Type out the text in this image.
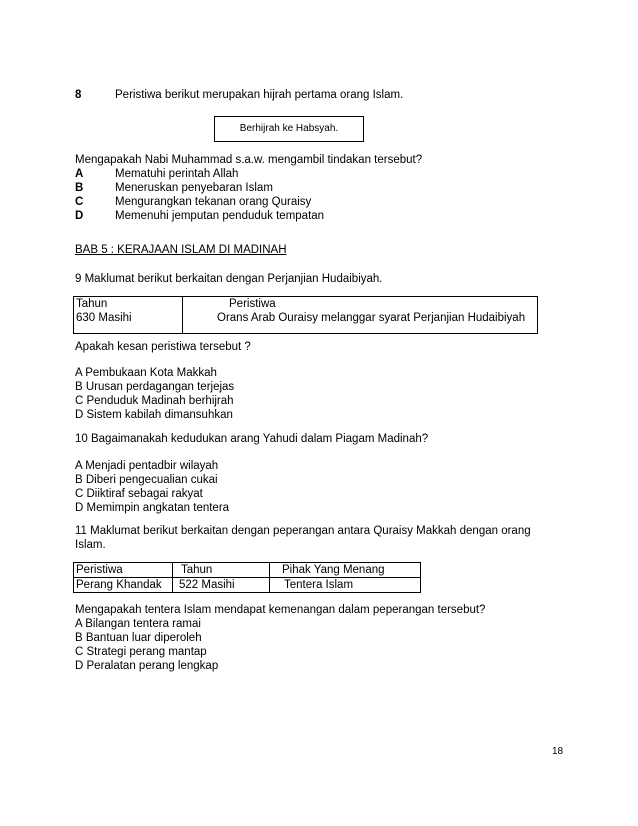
8	Peristiwa berikut merupakan hijrah pertama orang Islam.
Berhijrah ke Habsyah.
Mengapakah Nabi Muhammad s.a.w. mengambil tindakan tersebut?
A	Mematuhi perintah Allah
B	Meneruskan penyebaran Islam
C	Mengurangkan tekanan orang Quraisy
D	Memenuhi jemputan penduduk tempatan
BAB 5 : KERAJAAN ISLAM DI MADINAH
9 Maklumat berikut berkaitan dengan Perjanjian Hudaibiyah.
Tahun	Peristiwa
630 Masihi	Orans Arab Ouraisy melanggar syarat Perjanjian Hudaibiyah
Apakah kesan peristiwa tersebut ?
A Pembukaan Kota Makkah
B Urusan perdagangan terjejas
C Penduduk Madinah berhijrah
D Sistem kabilah dimansuhkan
10 Bagaimanakah kedudukan arang Yahudi dalam Piagam Madinah?
A Menjadi pentadbir wilayah
B Diberi pengecualian cukai
C Diiktiraf sebagai rakyat
D Memimpin angkatan tentera
11 Maklumat berikut berkaitan dengan peperangan antara Quraisy Makkah dengan orang
Islam.
Peristiwa	Tahun	Pihak Yang Menang
Perang Khandak	522 Masihi	Tentera Islam
Mengapakah tentera Islam mendapat kemenangan dalam peperangan tersebut?
A Bilangan tentera ramai
B Bantuan luar diperoleh
C Strategi perang mantap
D Peralatan perang lengkap
18
